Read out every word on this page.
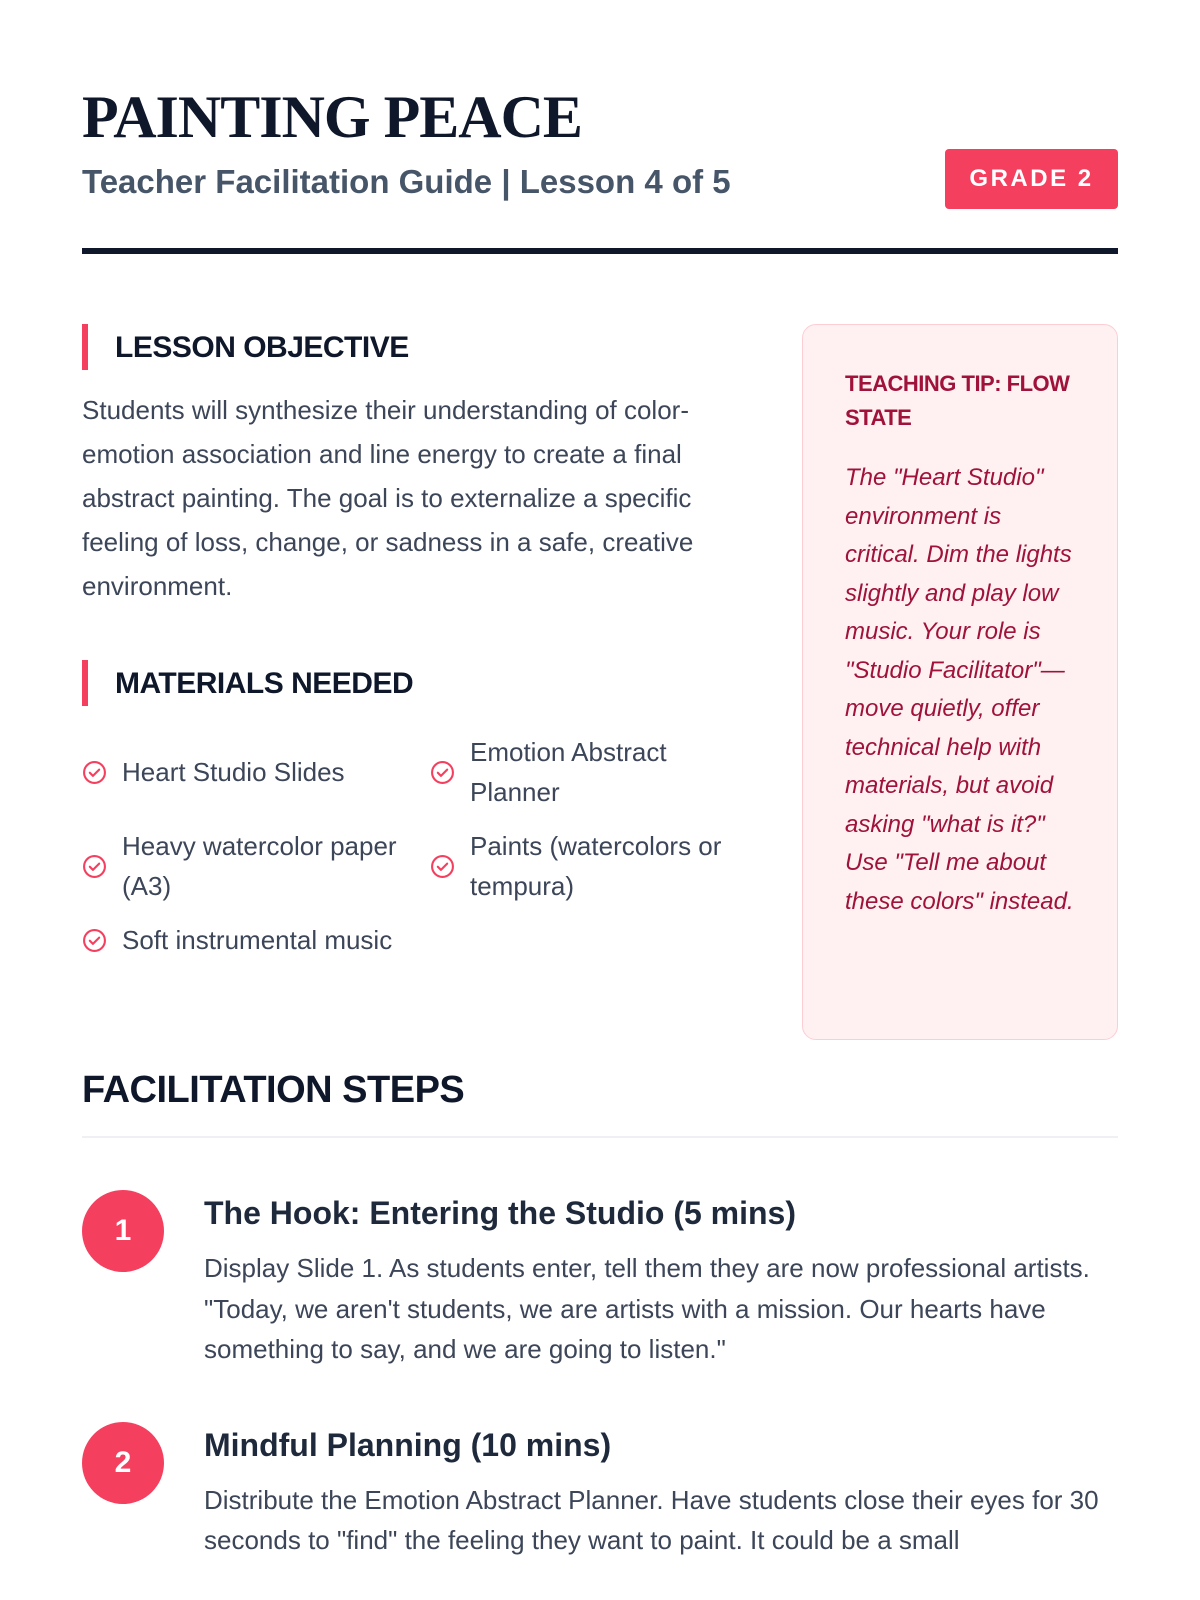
PAINTING PEACE
Teacher Facilitation Guide | Lesson 4 of 5	GRADE 2
LESSON OBJECTIVE

Students will synthesize their understanding of color-emotion association and line energy to create a final abstract painting. The goal is to externalize a specific feeling of loss, change, or sadness in a safe, creative environment.

MATERIALS NEEDED
Heart Studio Slides
Emotion Abstract Planner
Heavy watercolor paper (A3)
Paints (watercolors or tempura)
Soft instrumental music
TEACHING TIP: FLOW STATE

The "Heart Studio" environment is critical. Dim the lights slightly and play low music. Your role is "Studio Facilitator"—move quietly, offer technical help with materials, but avoid asking "what is it?" Use "Tell me about these colors" instead.

FACILITATION STEPS
1	The Hook: Entering the Studio (5 mins)

Display Slide 1. As students enter, tell them they are now professional artists. "Today, we aren't students, we are artists with a mission. Our hearts have something to say, and we are going to listen."

2	Mindful Planning (10 mins)

Distribute the Emotion Abstract Planner. Have students close their eyes for 30 seconds to "find" the feeling they want to paint. It could be a small
